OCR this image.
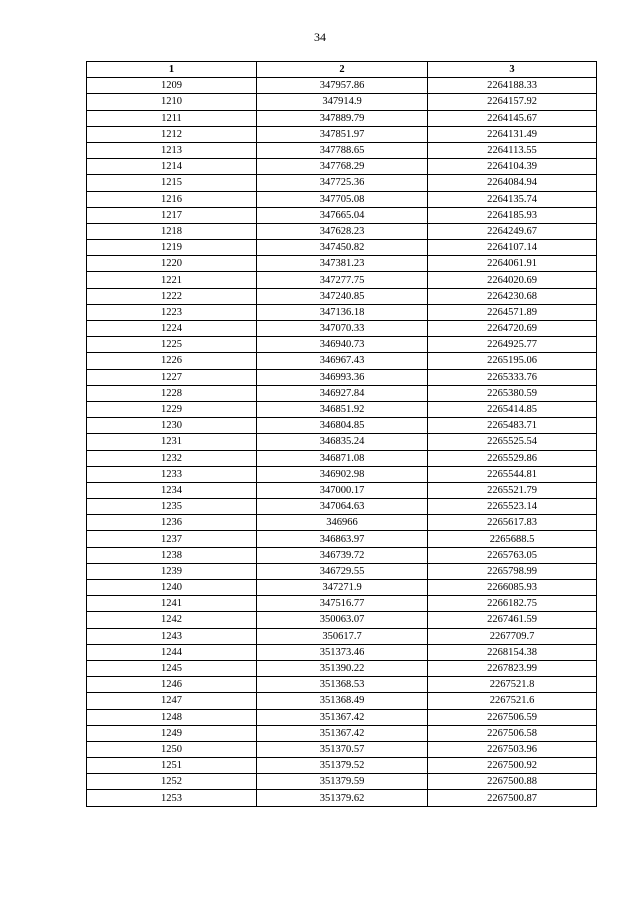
34
1	2	3
1209	347957.86	2264188.33
1210	347914.9	2264157.92
1211	347889.79	2264145.67
1212	347851.97	2264131.49
1213	347788.65	2264113.55
1214	347768.29	2264104.39
1215	347725.36	2264084.94
1216	347705.08	2264135.74
1217	347665.04	2264185.93
1218	347628.23	2264249.67
1219	347450.82	2264107.14
1220	347381.23	2264061.91
1221	347277.75	2264020.69
1222	347240.85	2264230.68
1223	347136.18	2264571.89
1224	347070.33	2264720.69
1225	346940.73	2264925.77
1226	346967.43	2265195.06
1227	346993.36	2265333.76
1228	346927.84	2265380.59
1229	346851.92	2265414.85
1230	346804.85	2265483.71
1231	346835.24	2265525.54
1232	346871.08	2265529.86
1233	346902.98	2265544.81
1234	347000.17	2265521.79
1235	347064.63	2265523.14
1236	346966	2265617.83
1237	346863.97	2265688.5
1238	346739.72	2265763.05
1239	346729.55	2265798.99
1240	347271.9	2266085.93
1241	347516.77	2266182.75
1242	350063.07	2267461.59
1243	350617.7	2267709.7
1244	351373.46	2268154.38
1245	351390.22	2267823.99
1246	351368.53	2267521.8
1247	351368.49	2267521.6
1248	351367.42	2267506.59
1249	351367.42	2267506.58
1250	351370.57	2267503.96
1251	351379.52	2267500.92
1252	351379.59	2267500.88
1253	351379.62	2267500.87
